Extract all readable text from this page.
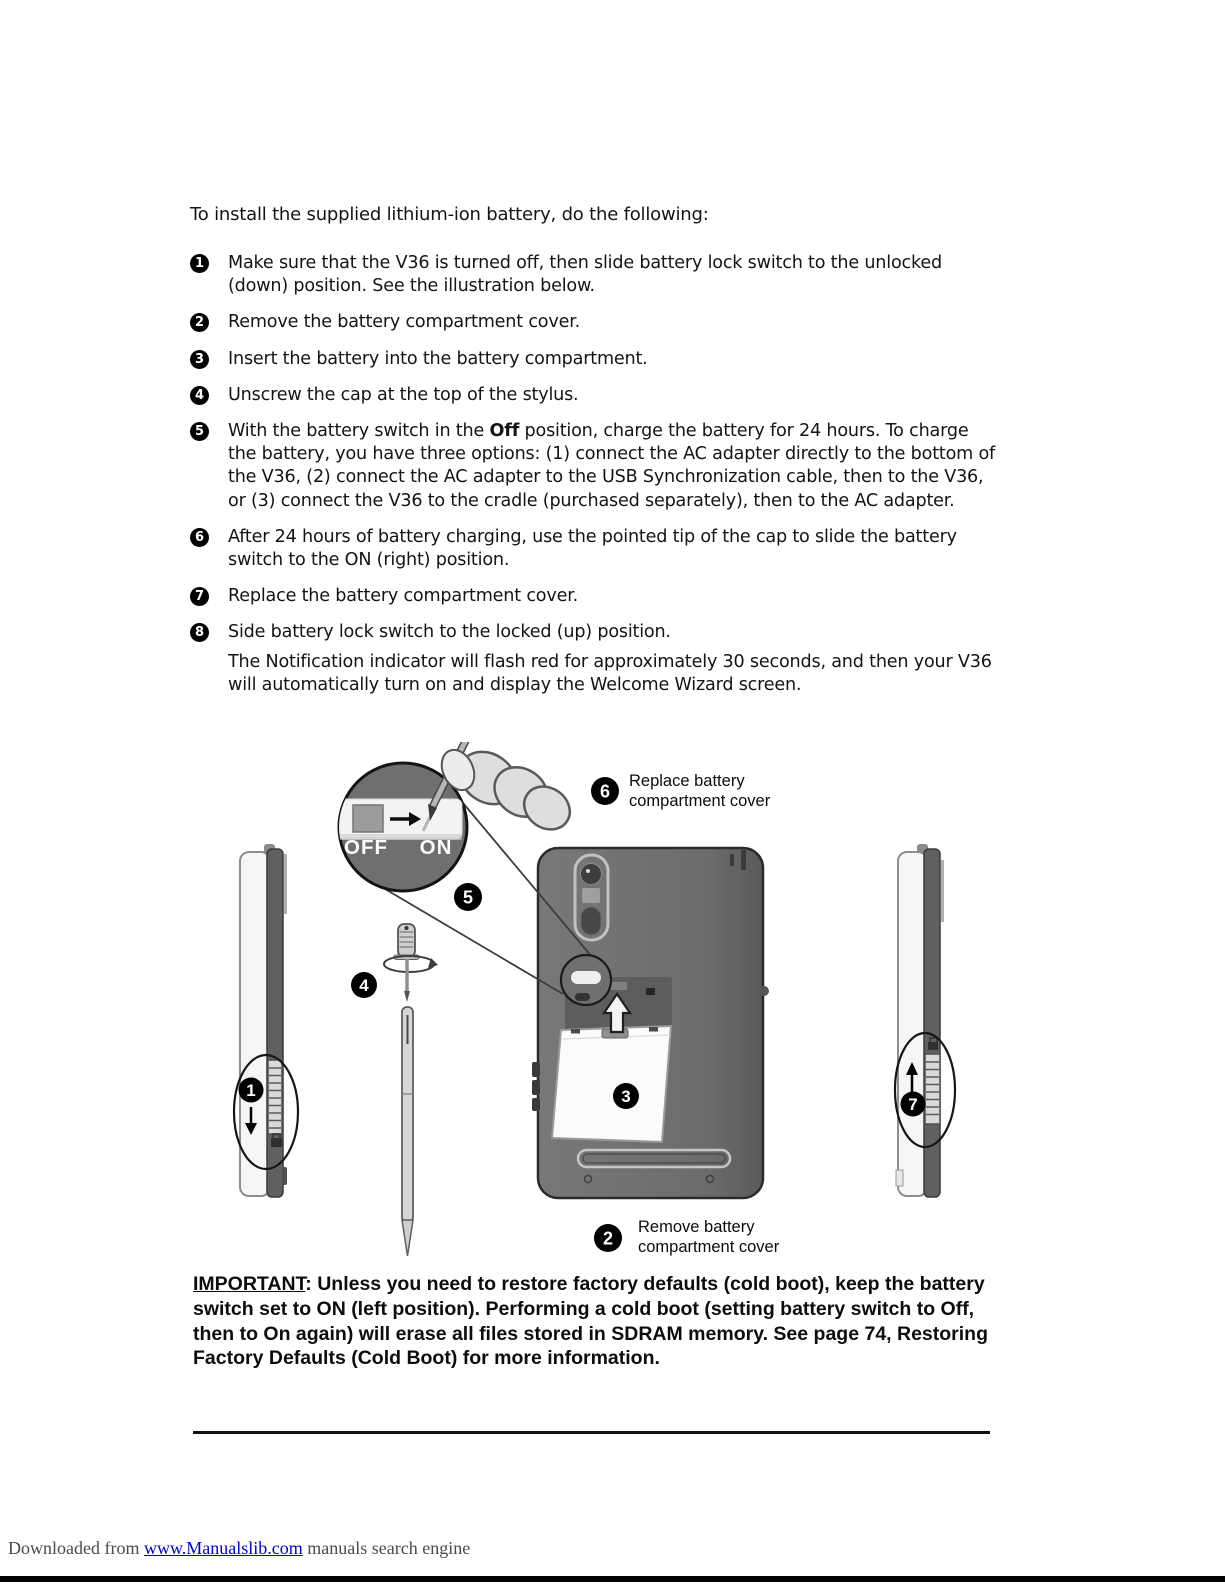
To install the supplied lithium-ion battery, do the following:

1 Make sure that the V36 is turned off, then slide battery lock switch to the unlocked (down) position. See the illustration below.
2 Remove the battery compartment cover.
3 Insert the battery into the battery compartment.
4 Unscrew the cap at the top of the stylus.
5 With the battery switch in the Off position, charge the battery for 24 hours. To charge the battery, you have three options: (1) connect the AC adapter directly to the bottom of the V36, (2) connect the AC adapter to the USB Synchronization cable, then to the V36, or (3) connect the V36 to the cradle (purchased separately), then to the AC adapter.
6 After 24 hours of battery charging, use the pointed tip of the cap to slide the battery switch to the ON (right) position.
7 Replace the battery compartment cover.
8 Side battery lock switch to the locked (up) position.
The Notification indicator will flash red for approximately 30 seconds, and then your V36 will automatically turn on and display the Welcome Wizard screen.
1
7
4
3
OFF ON
5
6
Replace battery
compartment cover
2
Remove battery
compartment cover

IMPORTANT: Unless you need to restore factory defaults (cold boot), keep the battery switch set to ON (left position). Performing a cold boot (setting battery switch to Off, then to On again) will erase all files stored in SDRAM memory. See page 74, Restoring Factory Defaults (Cold Boot) for more information.

Downloaded from www.Manualslib.com manuals search engine
